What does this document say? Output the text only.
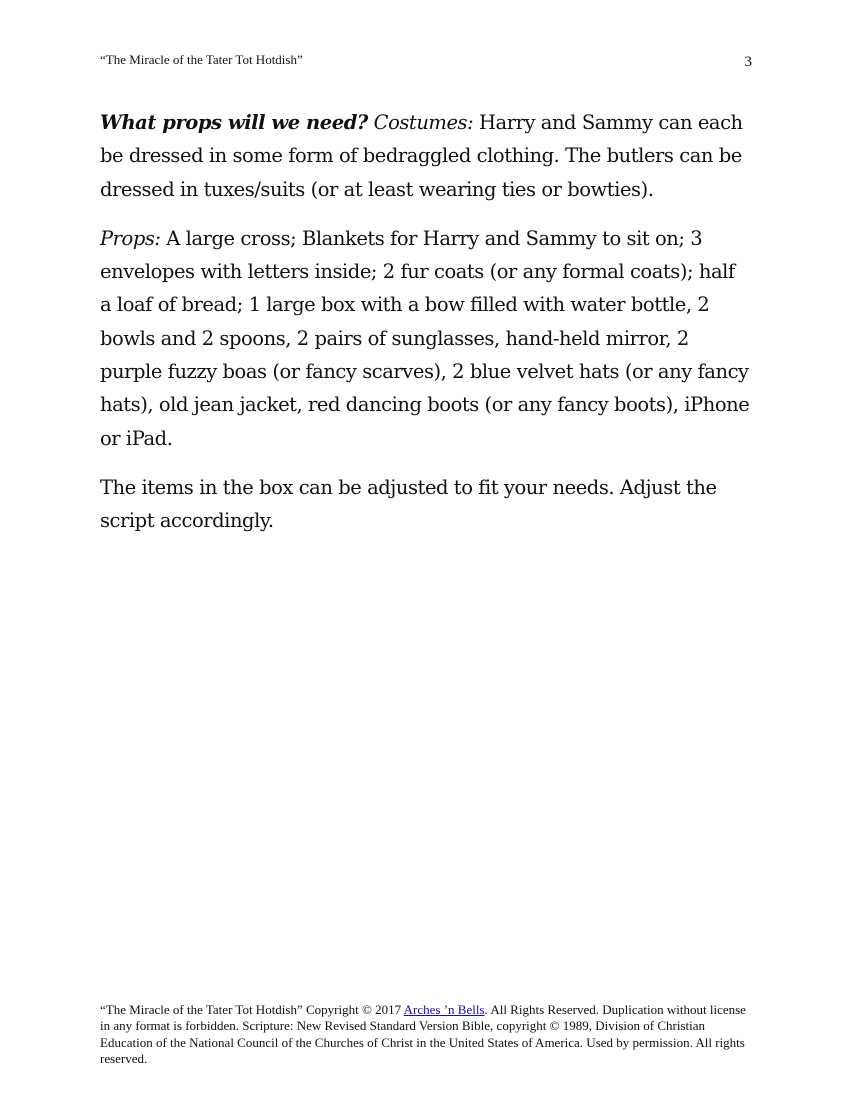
“The Miracle of the Tater Tot Hotdish”	3

What props will we need? Costumes: Harry and Sammy can each be dressed in some form of bedraggled clothing. The butlers can be dressed in tuxes/suits (or at least wearing ties or bowties).

Props: A large cross; Blankets for Harry and Sammy to sit on; 3 envelopes with letters inside; 2 fur coats (or any formal coats); half a loaf of bread; 1 large box with a bow filled with water bottle, 2 bowls and 2 spoons, 2 pairs of sunglasses, hand-held mirror, 2 purple fuzzy boas (or fancy scarves), 2 blue velvet hats (or any fancy hats), old jean jacket, red dancing boots (or any fancy boots), iPhone or iPad.

The items in the box can be adjusted to fit your needs. Adjust the script accordingly.

“The Miracle of the Tater Tot Hotdish” Copyright © 2017 Arches ’n Bells. All Rights Reserved. Duplication without license in any format is forbidden. Scripture: New Revised Standard Version Bible, copyright © 1989, Division of Christian Education of the National Council of the Churches of Christ in the United States of America. Used by permission. All rights reserved.
